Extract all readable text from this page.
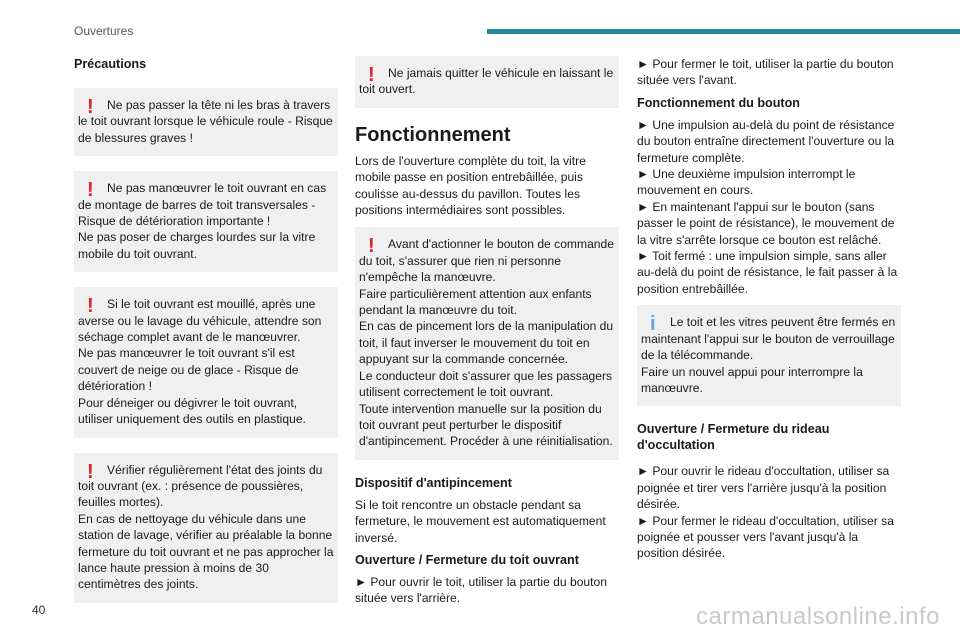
Ouvertures
Précautions
!	Ne pas passer la tête ni les bras à travers le toit ouvrant lorsque le véhicule roule - Risque de blessures graves !
!	Ne pas manœuvrer le toit ouvrant en cas de montage de barres de toit transversales - Risque de détérioration importante !
Ne pas poser de charges lourdes sur la vitre mobile du toit ouvrant.
!	Si le toit ouvrant est mouillé, après une averse ou le lavage du véhicule, attendre son séchage complet avant de le manœuvrer.
Ne pas manœuvrer le toit ouvrant s'il est couvert de neige ou de glace - Risque de détérioration !
Pour déneiger ou dégivrer le toit ouvrant, utiliser uniquement des outils en plastique.
!	Vérifier régulièrement l'état des joints du toit ouvrant (ex. : présence de poussières, feuilles mortes).
En cas de nettoyage du véhicule dans une station de lavage, vérifier au préalable la bonne fermeture du toit ouvrant et ne pas approcher la lance haute pression à moins de 30 centimètres des joints.
!	Ne jamais quitter le véhicule en laissant le toit ouvert.
Fonctionnement

Lors de l'ouverture complète du toit, la vitre mobile passe en position entrebâillée, puis coulisse au-dessus du pavillon. Toutes les positions intermédiaires sont possibles.

!	Avant d'actionner le bouton de commande du toit, s'assurer que rien ni personne n'empêche la manœuvre.
Faire particulièrement attention aux enfants pendant la manœuvre du toit.
En cas de pincement lors de la manipulation du toit, il faut inverser le mouvement du toit en appuyant sur la commande concernée.
Le conducteur doit s'assurer que les passagers utilisent correctement le toit ouvrant.
Toute intervention manuelle sur la position du toit ouvrant peut perturber le dispositif d'antipincement. Procéder à une réinitialisation.
Dispositif d'antipincement

Si le toit rencontre un obstacle pendant sa fermeture, le mouvement est automatiquement inversé.

Ouverture / Fermeture du toit ouvrant

► Pour ouvrir le toit, utiliser la partie du bouton située vers l'arrière.

► Pour fermer le toit, utiliser la partie du bouton située vers l'avant.

Fonctionnement du bouton
► Une impulsion au-delà du point de résistance du bouton entraîne directement l'ouverture ou la fermeture complète.
► Une deuxième impulsion interrompt le mouvement en cours.
► En maintenant l'appui sur le bouton (sans passer le point de résistance), le mouvement de la vitre s'arrête lorsque ce bouton est relâché.
► Toit fermé : une impulsion simple, sans aller au-delà du point de résistance, le fait passer à la position entrebâillée.
i	Le toit et les vitres peuvent être fermés en maintenant l'appui sur le bouton de verrouillage de la télécommande.
Faire un nouvel appui pour interrompre la manœuvre.
Ouverture / Fermeture du rideau d'occultation
► Pour ouvrir le rideau d'occultation, utiliser sa poignée et tirer vers l'arrière jusqu'à la position désirée.
► Pour fermer le rideau d'occultation, utiliser sa poignée et pousser vers l'avant jusqu'à la position désirée.
40	carmanualsonline.info
